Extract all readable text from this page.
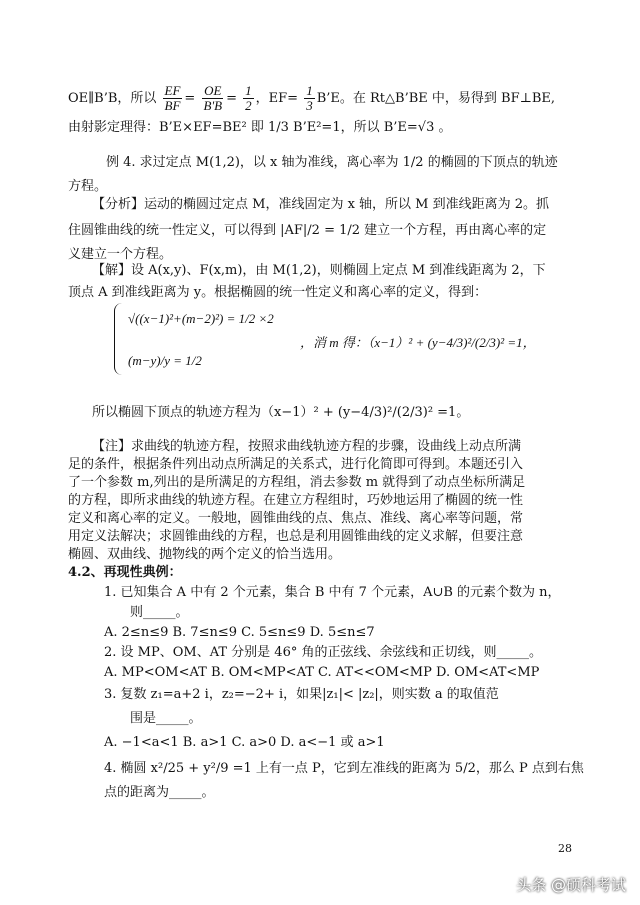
OE∥B’B，所以 $\frac{EF}{BF} = \frac{OE}{B'B} = \frac{1}{2}$ ，$EF= \frac{1}{3}$ B’E。在 Rt△B’BE 中，易得到 BF⊥BE,
由射影定理得：B’E×EF=BE² 即 1/3 B’E²=1，所以 B’E=√3 。
例 4. 求过定点 M(1,2)，以 x 轴为准线，离心率为 1/2 的椭圆的下顶点的轨迹
方程。
【分析】运动的椭圆过定点 M，准线固定为 x 轴，所以 M 到准线距离为 2。抓
住圆锥曲线的统一性定义，可以得到 |AF|/2 = 1/2 建立一个方程，再由离心率的定
义建立一个方程。
【解】设 A(x,y)、F(x,m)，由 M(1,2)，则椭圆上定点 M 到准线距离为 2，下
顶点 A 到准线距离为 y。根据椭圆的统一性定义和离心率的定义，得到：
√((x−1)²+(m−2)²) = 1/2 ×2
，消 m 得：（x−1）² + (y−4/3)²/(2/3)² =1，
(m−y)/y = 1/2
所以椭圆下顶点的轨迹方程为（x−1）² + (y−4/3)²/(2/3)² =1。
【注】求曲线的轨迹方程，按照求曲线轨迹方程的步骤，设曲线上动点所满
足的条件，根据条件列出动点所满足的关系式，进行化简即可得到。本题还引入
了一个参数 m,列出的是所满足的方程组，消去参数 m 就得到了动点坐标所满足
的方程，即所求曲线的轨迹方程。在建立方程组时，巧妙地运用了椭圆的统一性
定义和离心率的定义。一般地，圆锥曲线的点、焦点、准线、离心率等问题，常
用定义法解决；求圆锥曲线的方程，也总是利用圆锥曲线的定义求解，但要注意
椭圆、双曲线、抛物线的两个定义的恰当选用。
4.2、再现性典例：
1. 已知集合 A 中有 2 个元素，集合 B 中有 7 个元素，A∪B 的元素个数为 n，
则_____。
A. 2≤n≤9 B. 7≤n≤9 C. 5≤n≤9 D. 5≤n≤7
2. 设 MP、OM、AT 分别是 46° 角的正弦线、余弦线和正切线，则_____。
A. MP<OM<AT B. OM<MP<AT C. AT<<OM<MP D. OM<AT<MP
3. 复数 z₁=a+2 i，z₂=−2+ i，如果|z₁|< |z₂|，则实数 a 的取值范
围是_____。
A. −1<a<1 B. a>1 C. a>0 D. a<−1 或 a>1
4. 椭圆 x²/25 + y²/9 =1 上有一点 P，它到左准线的距离为 5/2，那么 P 点到右焦
点的距离为_____。
28
头条 @硕科考试
